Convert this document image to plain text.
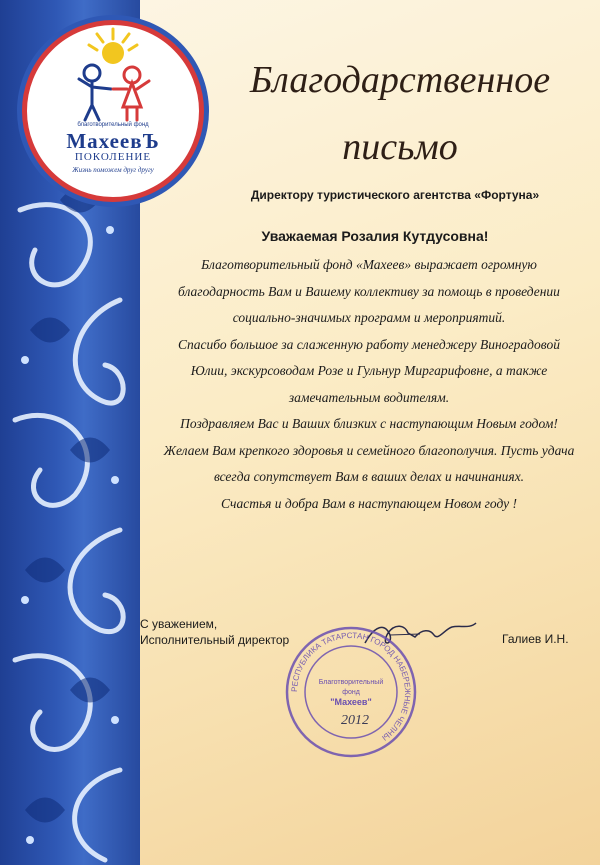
благотворительный фонд
МахеевЪ
ПОКОЛЕНИЕ
Жизнь поможем друг другу
Благодарственное
письмо
Директору туристического агентства «Фортуна»
Уважаемая Розалия Кутдусовна!

Благотворительный фонд «Махеев» выражает огромную

благодарность Вам и Вашему коллективу за помощь в проведении

социально-значимых программ и мероприятий.

Спасибо большое за слаженную работу менеджеру Виноградовой

Юлии, экскурсоводам Розе и Гульнур Миргарифовне, а также

замечательным водителям.

Поздравляем Вас и Ваших близких с наступающим Новым годом!

Желаем Вам крепкого здоровья и семейного благополучия. Пусть удача

всегда сопутствует Вам в ваших делах и начинаниях.

Счастья и добра Вам в наступающем Новом году !

С уважением,
Исполнительный директор	Галиев И.Н.
РЕСПУБЛИКА ТАТАРСТАН ГОРОД НАБЕРЕЖНЫЕ ЧЕЛНЫ
Благотворительный
фонд
"Махеев"
2012
